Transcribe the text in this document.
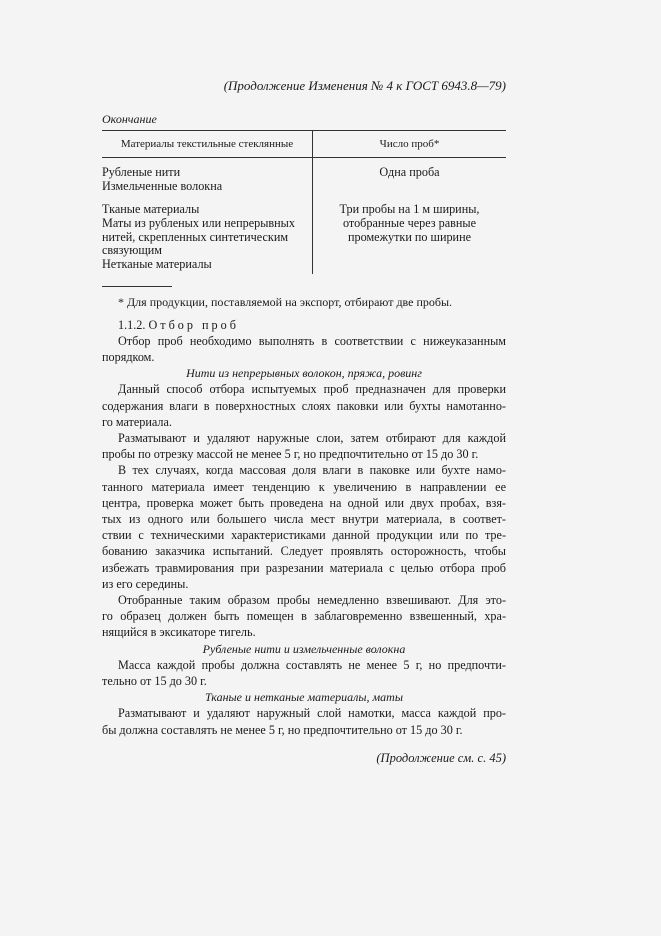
(Продолжение Изменения № 4 к ГОСТ 6943.8—79)
Окончание
Материалы текстильные стеклянные	Число проб*

Рубленые нити
Измельченные волокна	Одна проба

Тканые материалы
Маты из рубленых или непрерывных
нитей, скрепленных синтетическим
связующим
Нетканые материалы	Три пробы на 1 м ширины,
отобранные через равные
промежутки по ширине

* Для продукции, поставляемой на экспорт, отбирают две пробы.

1.1.2. Отбор проб

Отбор проб необходимо выполнять в соответствии с нижеуказанным
порядком.

Нити из непрерывных волокон, пряжа, ровинг

Данный способ отбора испытуемых проб предназначен для проверки
содержания влаги в поверхностных слоях паковки или бухты намотанно-
го материала.

Разматывают и удаляют наружные слои, затем отбирают для каждой
пробы по отрезку массой не менее 5 г, но предпочтительно от 15 до 30 г.

В тех случаях, когда массовая доля влаги в паковке или бухте намо-
танного материала имеет тенденцию к увеличению в направлении ее
центра, проверка может быть проведена на одной или двух пробах, взя-
тых из одного или большего числа мест внутри материала, в соответ-
ствии с техническими характеристиками данной продукции или по тре-
бованию заказчика испытаний. Следует проявлять осторожность, чтобы
избежать травмирования при разрезании материала с целью отбора проб
из его середины.

Отобранные таким образом пробы немедленно взвешивают. Для это-
го образец должен быть помещен в заблаговременно взвешенный, хра-
нящийся в эксикаторе тигель.

Рубленые нити и измельченные волокна

Масса каждой пробы должна составлять не менее 5 г, но предпочти-
тельно от 15 до 30 г.

Тканые и нетканые материалы, маты

Разматывают и удаляют наружный слой намотки, масса каждой про-
бы должна составлять не менее 5 г, но предпочтительно от 15 до 30 г.

(Продолжение см. с. 45)
